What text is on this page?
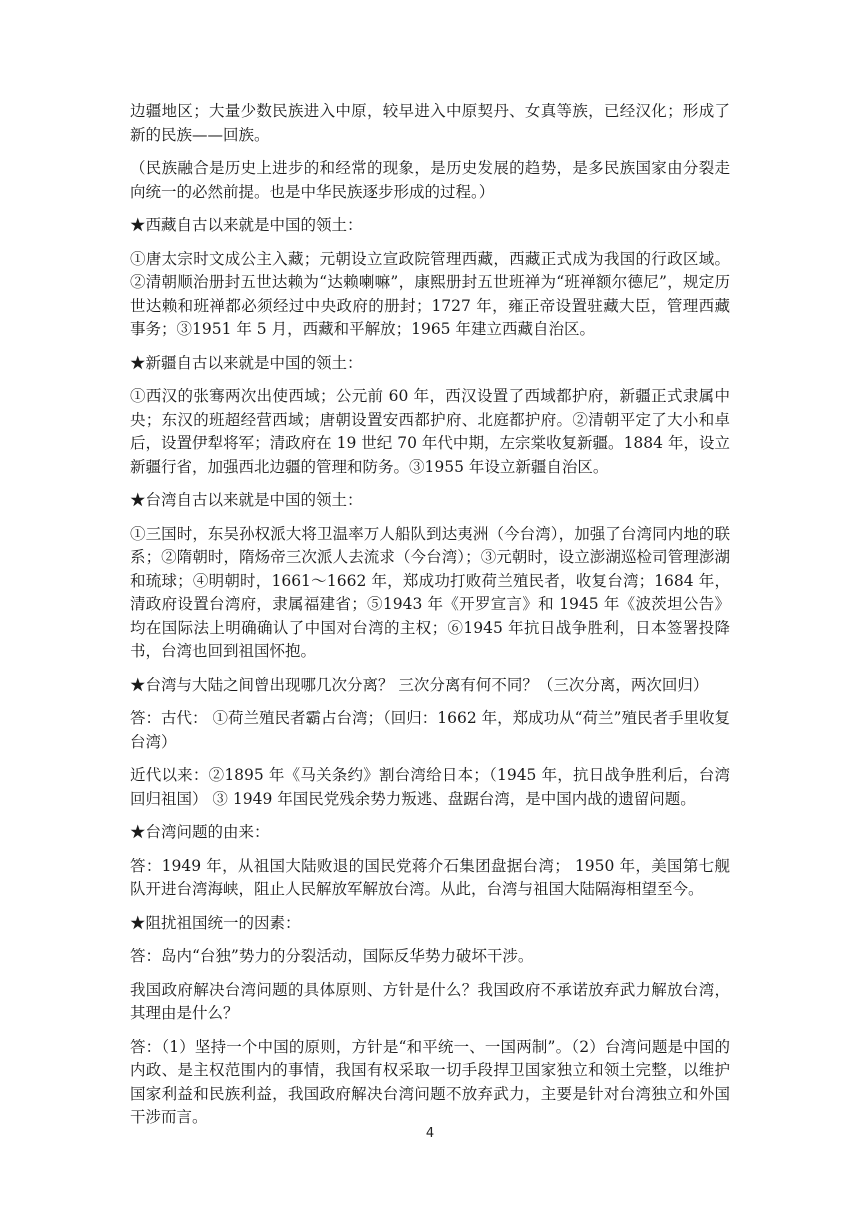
边疆地区；大量少数民族进入中原，较早进入中原契丹、女真等族，已经汉化；形成了新的民族——回族。

（民族融合是历史上进步的和经常的现象，是历史发展的趋势，是多民族国家由分裂走向统一的必然前提。也是中华民族逐步形成的过程。）

★西藏自古以来就是中国的领土：

①唐太宗时文成公主入藏；元朝设立宣政院管理西藏，西藏正式成为我国的行政区域。②清朝顺治册封五世达赖为“达赖喇嘛”，康熙册封五世班禅为“班禅额尔德尼”，规定历世达赖和班禅都必须经过中央政府的册封；1727 年，雍正帝设置驻藏大臣，管理西藏事务；③1951 年 5 月，西藏和平解放；1965 年建立西藏自治区。

★新疆自古以来就是中国的领土：

①西汉的张骞两次出使西域；公元前 60 年，西汉设置了西域都护府，新疆正式隶属中央；东汉的班超经营西域；唐朝设置安西都护府、北庭都护府。②清朝平定了大小和卓后，设置伊犁将军；清政府在 19 世纪 70 年代中期，左宗棠收复新疆。1884 年，设立新疆行省，加强西北边疆的管理和防务。③1955 年设立新疆自治区。

★台湾自古以来就是中国的领土：

①三国时，东吴孙权派大将卫温率万人船队到达夷洲（今台湾），加强了台湾同内地的联系；②隋朝时，隋炀帝三次派人去流求（今台湾）；③元朝时，设立澎湖巡检司管理澎湖和琉球；④明朝时，1661～1662 年，郑成功打败荷兰殖民者，收复台湾；1684 年，清政府设置台湾府，隶属福建省；⑤1943 年《开罗宣言》和 1945 年《波茨坦公告》均在国际法上明确确认了中国对台湾的主权；⑥1945 年抗日战争胜利，日本签署投降书，台湾也回到祖国怀抱。

★台湾与大陆之间曾出现哪几次分离？ 三次分离有何不同？（三次分离，两次回归）

答：古代： ①荷兰殖民者霸占台湾；（回归：1662 年，郑成功从“荷兰”殖民者手里收复台湾）

近代以来：②1895 年《马关条约》割台湾给日本；（1945 年，抗日战争胜利后，台湾回归祖国） ③ 1949 年国民党残余势力叛逃、盘踞台湾，是中国内战的遗留问题。

★台湾问题的由来：

答：1949 年，从祖国大陆败退的国民党蒋介石集团盘据台湾； 1950 年，美国第七舰队开进台湾海峡，阻止人民解放军解放台湾。从此，台湾与祖国大陆隔海相望至今。

★阻扰祖国统一的因素：

答：岛内“台独”势力的分裂活动，国际反华势力破坏干涉。

我国政府解决台湾问题的具体原则、方针是什么？我国政府不承诺放弃武力解放台湾，其理由是什么？

答：（1）坚持一个中国的原则，方针是“和平统一、一国两制”。（2）台湾问题是中国的内政、是主权范围内的事情，我国有权采取一切手段捍卫国家独立和领土完整，以维护国家利益和民族利益，我国政府解决台湾问题不放弃武力，主要是针对台湾独立和外国干涉而言。

4
